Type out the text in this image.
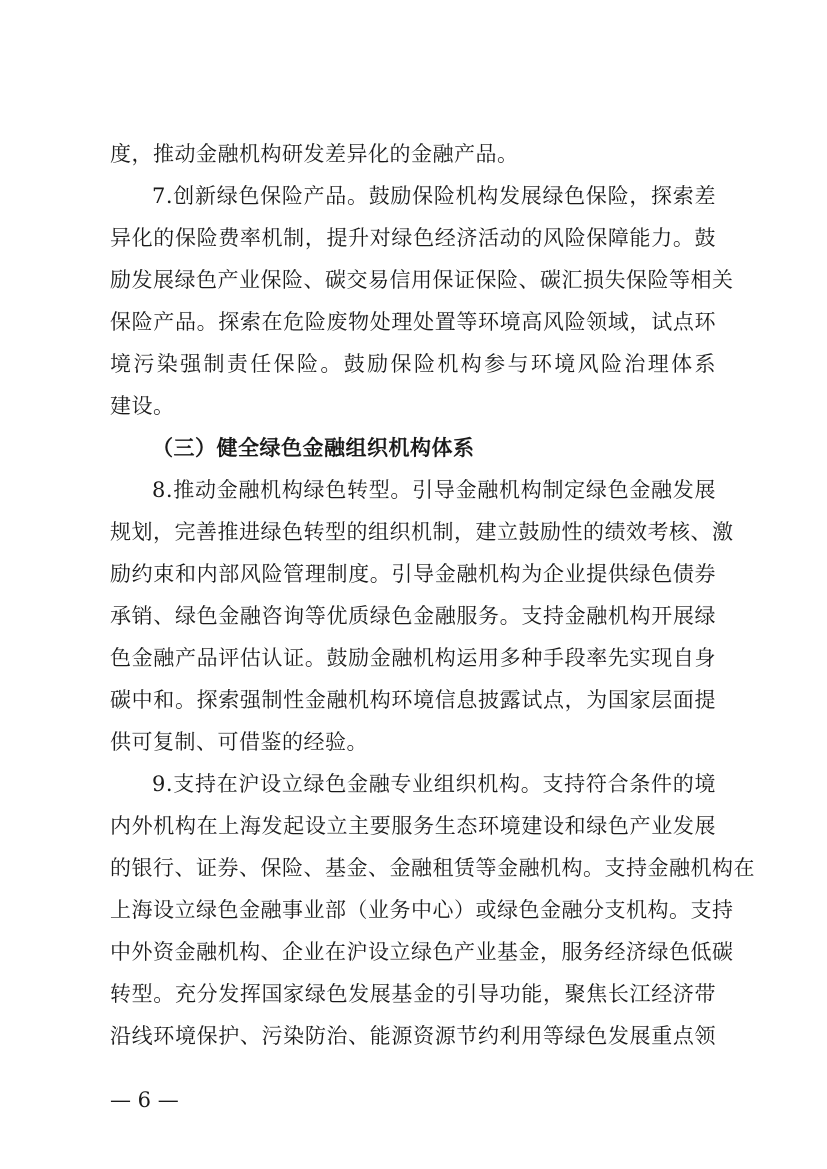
度，推动金融机构研发差异化的金融产品。
7.创新绿色保险产品。鼓励保险机构发展绿色保险，探索差
异化的保险费率机制，提升对绿色经济活动的风险保障能力。鼓
励发展绿色产业保险、碳交易信用保证保险、碳汇损失保险等相关
保险产品。探索在危险废物处理处置等环境高风险领域，试点环
境污染强制责任保险。鼓励保险机构参与环境风险治理体系
建设。
（三）健全绿色金融组织机构体系
8.推动金融机构绿色转型。引导金融机构制定绿色金融发展
规划，完善推进绿色转型的组织机制，建立鼓励性的绩效考核、激
励约束和内部风险管理制度。引导金融机构为企业提供绿色债券
承销、绿色金融咨询等优质绿色金融服务。支持金融机构开展绿
色金融产品评估认证。鼓励金融机构运用多种手段率先实现自身
碳中和。探索强制性金融机构环境信息披露试点，为国家层面提
供可复制、可借鉴的经验。
9.支持在沪设立绿色金融专业组织机构。支持符合条件的境
内外机构在上海发起设立主要服务生态环境建设和绿色产业发展
的银行、证券、保险、基金、金融租赁等金融机构。支持金融机构在
上海设立绿色金融事业部（业务中心）或绿色金融分支机构。支持
中外资金融机构、企业在沪设立绿色产业基金，服务经济绿色低碳
转型。充分发挥国家绿色发展基金的引导功能，聚焦长江经济带
沿线环境保护、污染防治、能源资源节约利用等绿色发展重点领
— 6 —
